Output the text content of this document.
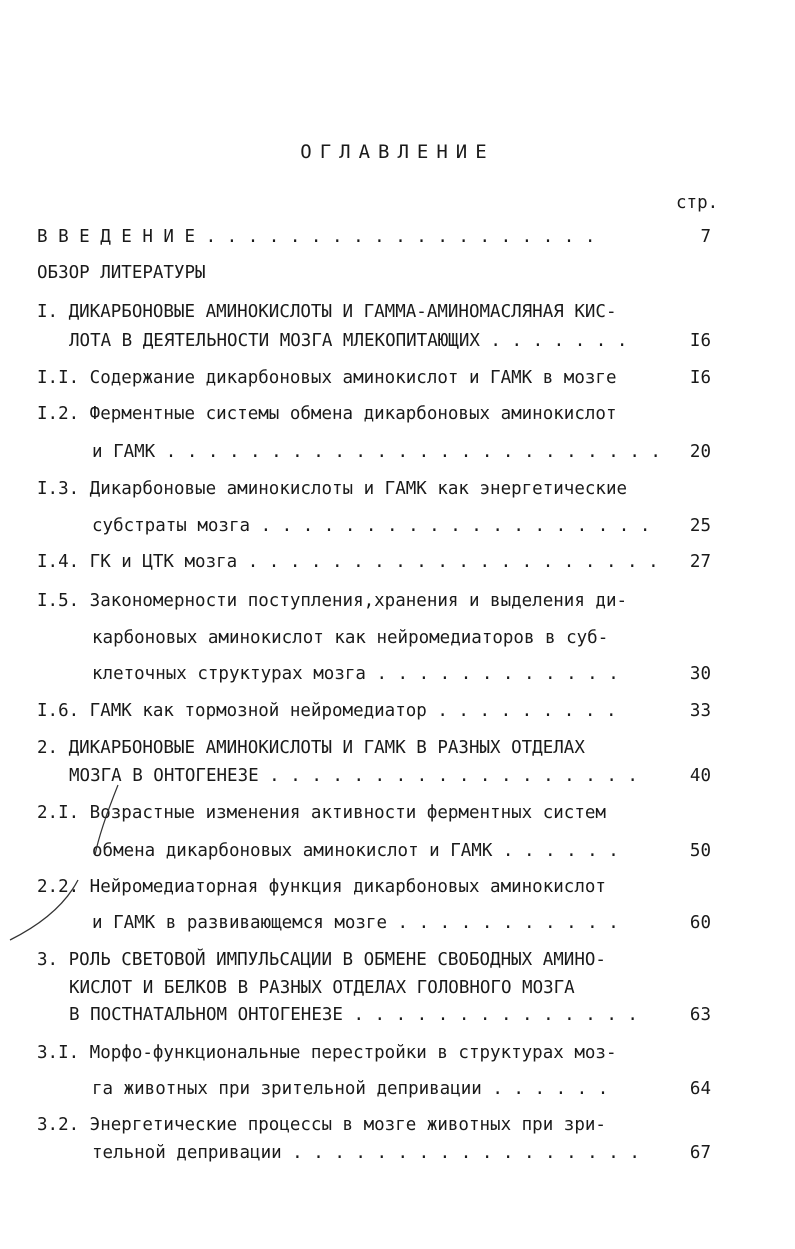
ОГЛАВЛЕНИЕ
стр.
В В Е Д Е Н И Е . . . . . . . . . . . . . . . . . . .	7
ОБЗОР ЛИТЕРАТУРЫ
I. ДИКАРБОНОВЫЕ АМИНОКИСЛОТЫ И ГАММА-АМИНОМАСЛЯНАЯ КИС-
ЛОТА В ДЕЯТЕЛЬНОСТИ МОЗГА МЛЕКОПИТАЮЩИХ . . . . . . .	I6
I.I. Содержание дикарбоновых аминокислот и ГАМК в мозге	I6
I.2. Ферментные системы обмена дикарбоновых аминокислот
и ГАМК . . . . . . . . . . . . . . . . . . . . . . . . 20
I.3. Дикарбоновые аминокислоты и ГАМК как энергетические
субстраты мозга . . . . . . . . . . . . . . . . . . . 25
I.4. ГК и ЦТК мозга . . . . . . . . . . . . . . . . . . . . 27
I.5. Закономерности поступления,хранения и выделения ди-
карбоновых аминокислот как нейромедиаторов в суб-
клеточных структурах мозга . . . . . . . . . . . .	30
I.6. ГАМК как тормозной нейромедиатор . . . . . . . . .	33
2. ДИКАРБОНОВЫЕ АМИНОКИСЛОТЫ И ГАМК В РАЗНЫХ ОТДЕЛАХ
МОЗГА В ОНТОГЕНЕЗЕ . . . . . . . . . . . . . . . . . .	40
2.I. Возрастные изменения активности ферментных систем
обмена дикарбоновых аминокислот и ГАМК . . . . . .	50
2.2. Нейромедиаторная функция дикарбоновых аминокислот
и ГАМК в развивающемся мозге . . . . . . . . . . .	60
3. РОЛЬ СВЕТОВОЙ ИМПУЛЬСАЦИИ В ОБМЕНЕ СВОБОДНЫХ АМИНО-
КИСЛОТ И БЕЛКОВ В РАЗНЫХ ОТДЕЛАХ ГОЛОВНОГО МОЗГА
В ПОСТНАТАЛЬНОМ ОНТОГЕНЕЗЕ . . . . . . . . . . . . . .	63
3.I. Морфо-функциональные перестройки в структурах моз-
га животных при зрительной депривации . . . . . .	64
3.2. Энергетические процессы в мозге животных при зри-
тельной депривации . . . . . . . . . . . . . . . . .	67
